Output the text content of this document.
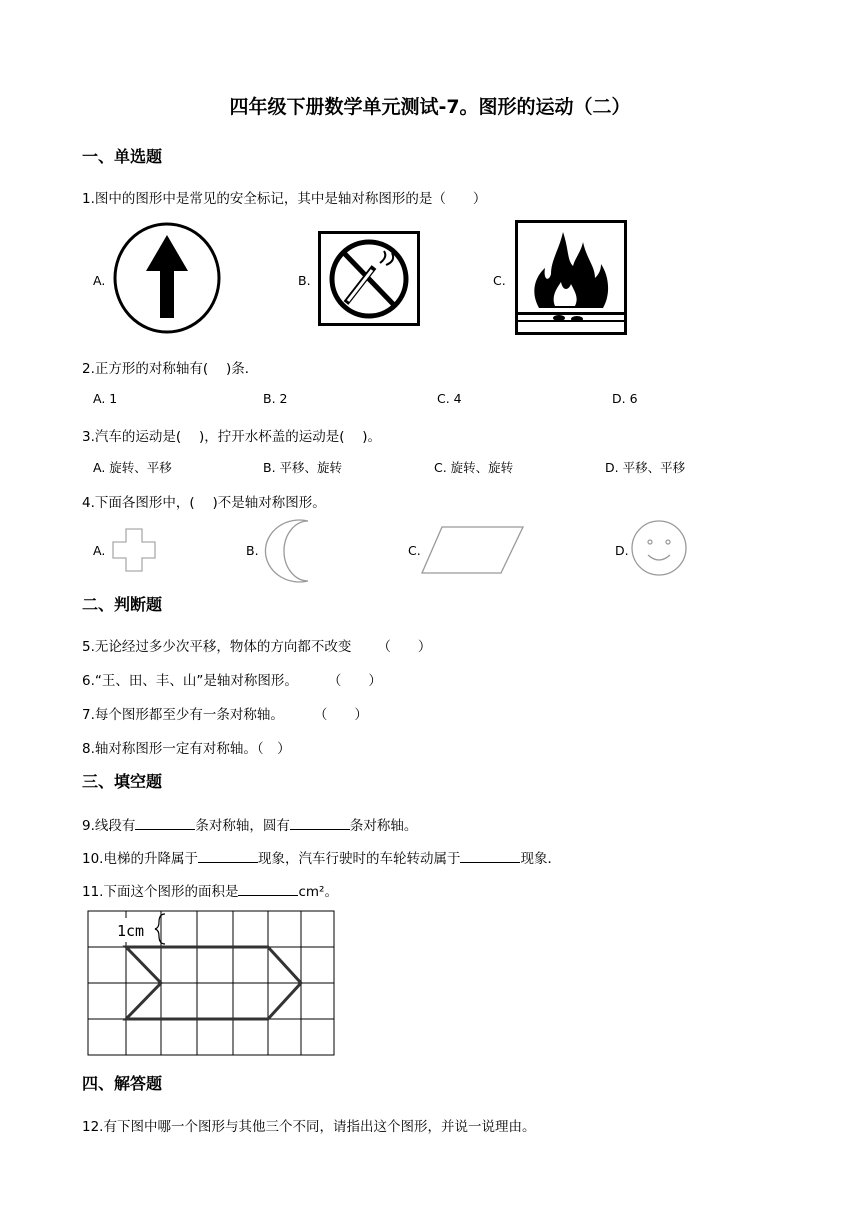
四年级下册数学单元测试-7。图形的运动（二）
一、单选题
1.图中的图形中是常见的安全标记，其中是轴对称图形的是（　　）
A.	B.	C.
2.正方形的对称轴有(　 )条．
A. 1	B. 2	C. 4	D. 6
3.汽车的运动是(　 )，拧开水杯盖的运动是(　 )。
A. 旋转、平移	B. 平移、旋转	C. 旋转、旋转	D. 平移、平移
4.下面各图形中，(　 )不是轴对称图形。
A.	B.	C.	D.
二、判断题
5.无论经过多少次平移，物体的方向都不改变 （　　）
6.“王、田、丰、山”是轴对称图形。 （　　）
7.每个图形都至少有一条对称轴。 （　　）
8.轴对称图形一定有对称轴。（　）
三、填空题
9.线段有	条对称轴，圆有	条对称轴。
10.电梯的升降属于	现象，汽车行驶时的车轮转动属于	现象．
11.下面这个图形的面积是	cm²。
1cm
四、解答题
12.有下图中哪一个图形与其他三个不同，请指出这个图形，并说一说理由。
